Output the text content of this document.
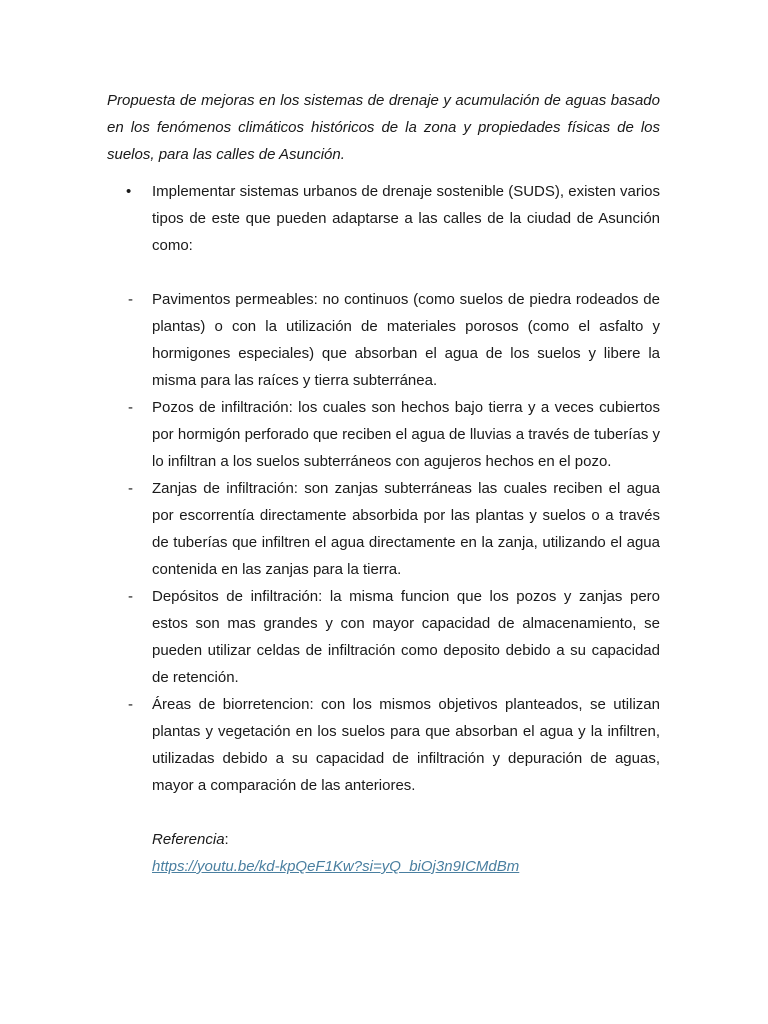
Propuesta de mejoras en los sistemas de drenaje y acumulación de aguas basado en los fenómenos climáticos históricos de la zona y propiedades físicas de los suelos, para las calles de Asunción.

• Implementar sistemas urbanos de drenaje sostenible (SUDS), existen varios tipos de este que pueden adaptarse a las calles de la ciudad de Asunción como:
- Pavimentos permeables: no continuos (como suelos de piedra rodeados de plantas) o con la utilización de materiales porosos (como el asfalto y hormigones especiales) que absorban el agua de los suelos y libere la misma para las raíces y tierra subterránea.
- Pozos de infiltración: los cuales son hechos bajo tierra y a veces cubiertos por hormigón perforado que reciben el agua de lluvias a través de tuberías y lo infiltran a los suelos subterráneos con agujeros hechos en el pozo.
- Zanjas de infiltración: son zanjas subterráneas las cuales reciben el agua por escorrentía directamente absorbida por las plantas y suelos o a través de tuberías que infiltren el agua directamente en la zanja, utilizando el agua contenida en las zanjas para la tierra.
- Depósitos de infiltración: la misma funcion que los pozos y zanjas pero estos son mas grandes y con mayor capacidad de almacenamiento, se pueden utilizar celdas de infiltración como deposito debido a su capacidad de retención.
- Áreas de biorretencion: con los mismos objetivos planteados, se utilizan plantas y vegetación en los suelos para que absorban el agua y la infiltren, utilizadas debido a su capacidad de infiltración y depuración de aguas, mayor a comparación de las anteriores.
Referencia:
https://youtu.be/kd-kpQeF1Kw?si=yQ_biOj3n9ICMdBm
